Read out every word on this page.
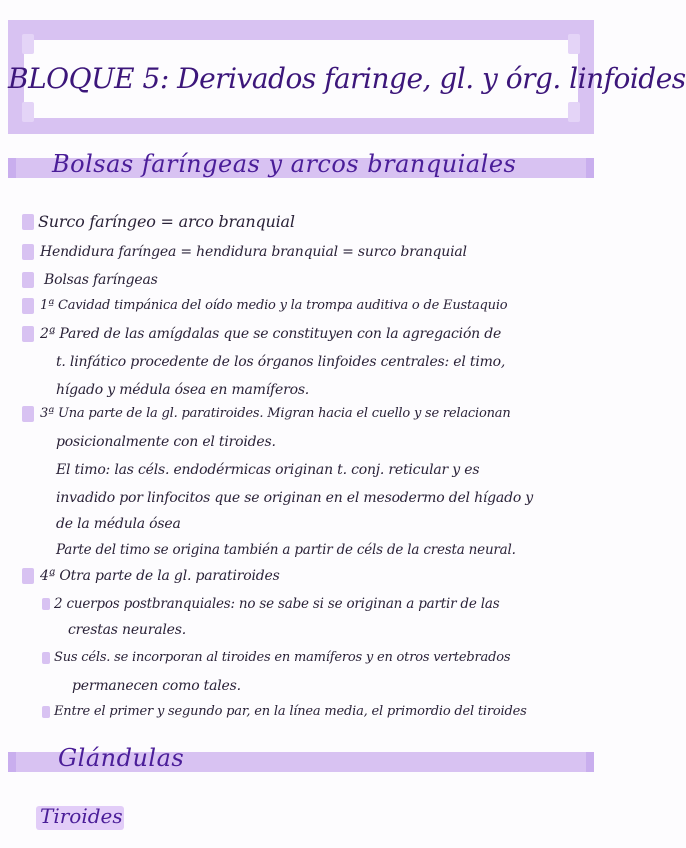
BLOQUE 5: Derivados faringe, gl. y órg. linfoides
Bolsas faríngeas y arcos branquiales
Surco faríngeo = arco branquial
Hendidura faríngea = hendidura branquial = surco branquial
Bolsas faríngeas
1ª Cavidad timpánica del oído medio y la trompa auditiva o de Eustaquio
2ª Pared de las amígdalas que se constituyen con la agregación de
t. linfático procedente de los órganos linfoides centrales: el timo,
hígado y médula ósea en mamíferos.
3ª Una parte de la gl. paratiroides. Migran hacia el cuello y se relacionan
posicionalmente con el tiroides.
El timo: las céls. endodérmicas originan t. conj. reticular y es
invadido por linfocitos que se originan en el mesodermo del hígado y
de la médula ósea
Parte del timo se origina también a partir de céls de la cresta neural.
4ª Otra parte de la gl. paratiroides
2 cuerpos postbranquiales: no se sabe si se originan a partir de las
crestas neurales.
Sus céls. se incorporan al tiroides en mamíferos y en otros vertebrados
permanecen como tales.
Entre el primer y segundo par, en la línea media, el primordio del tiroides
Glándulas
Tiroides
